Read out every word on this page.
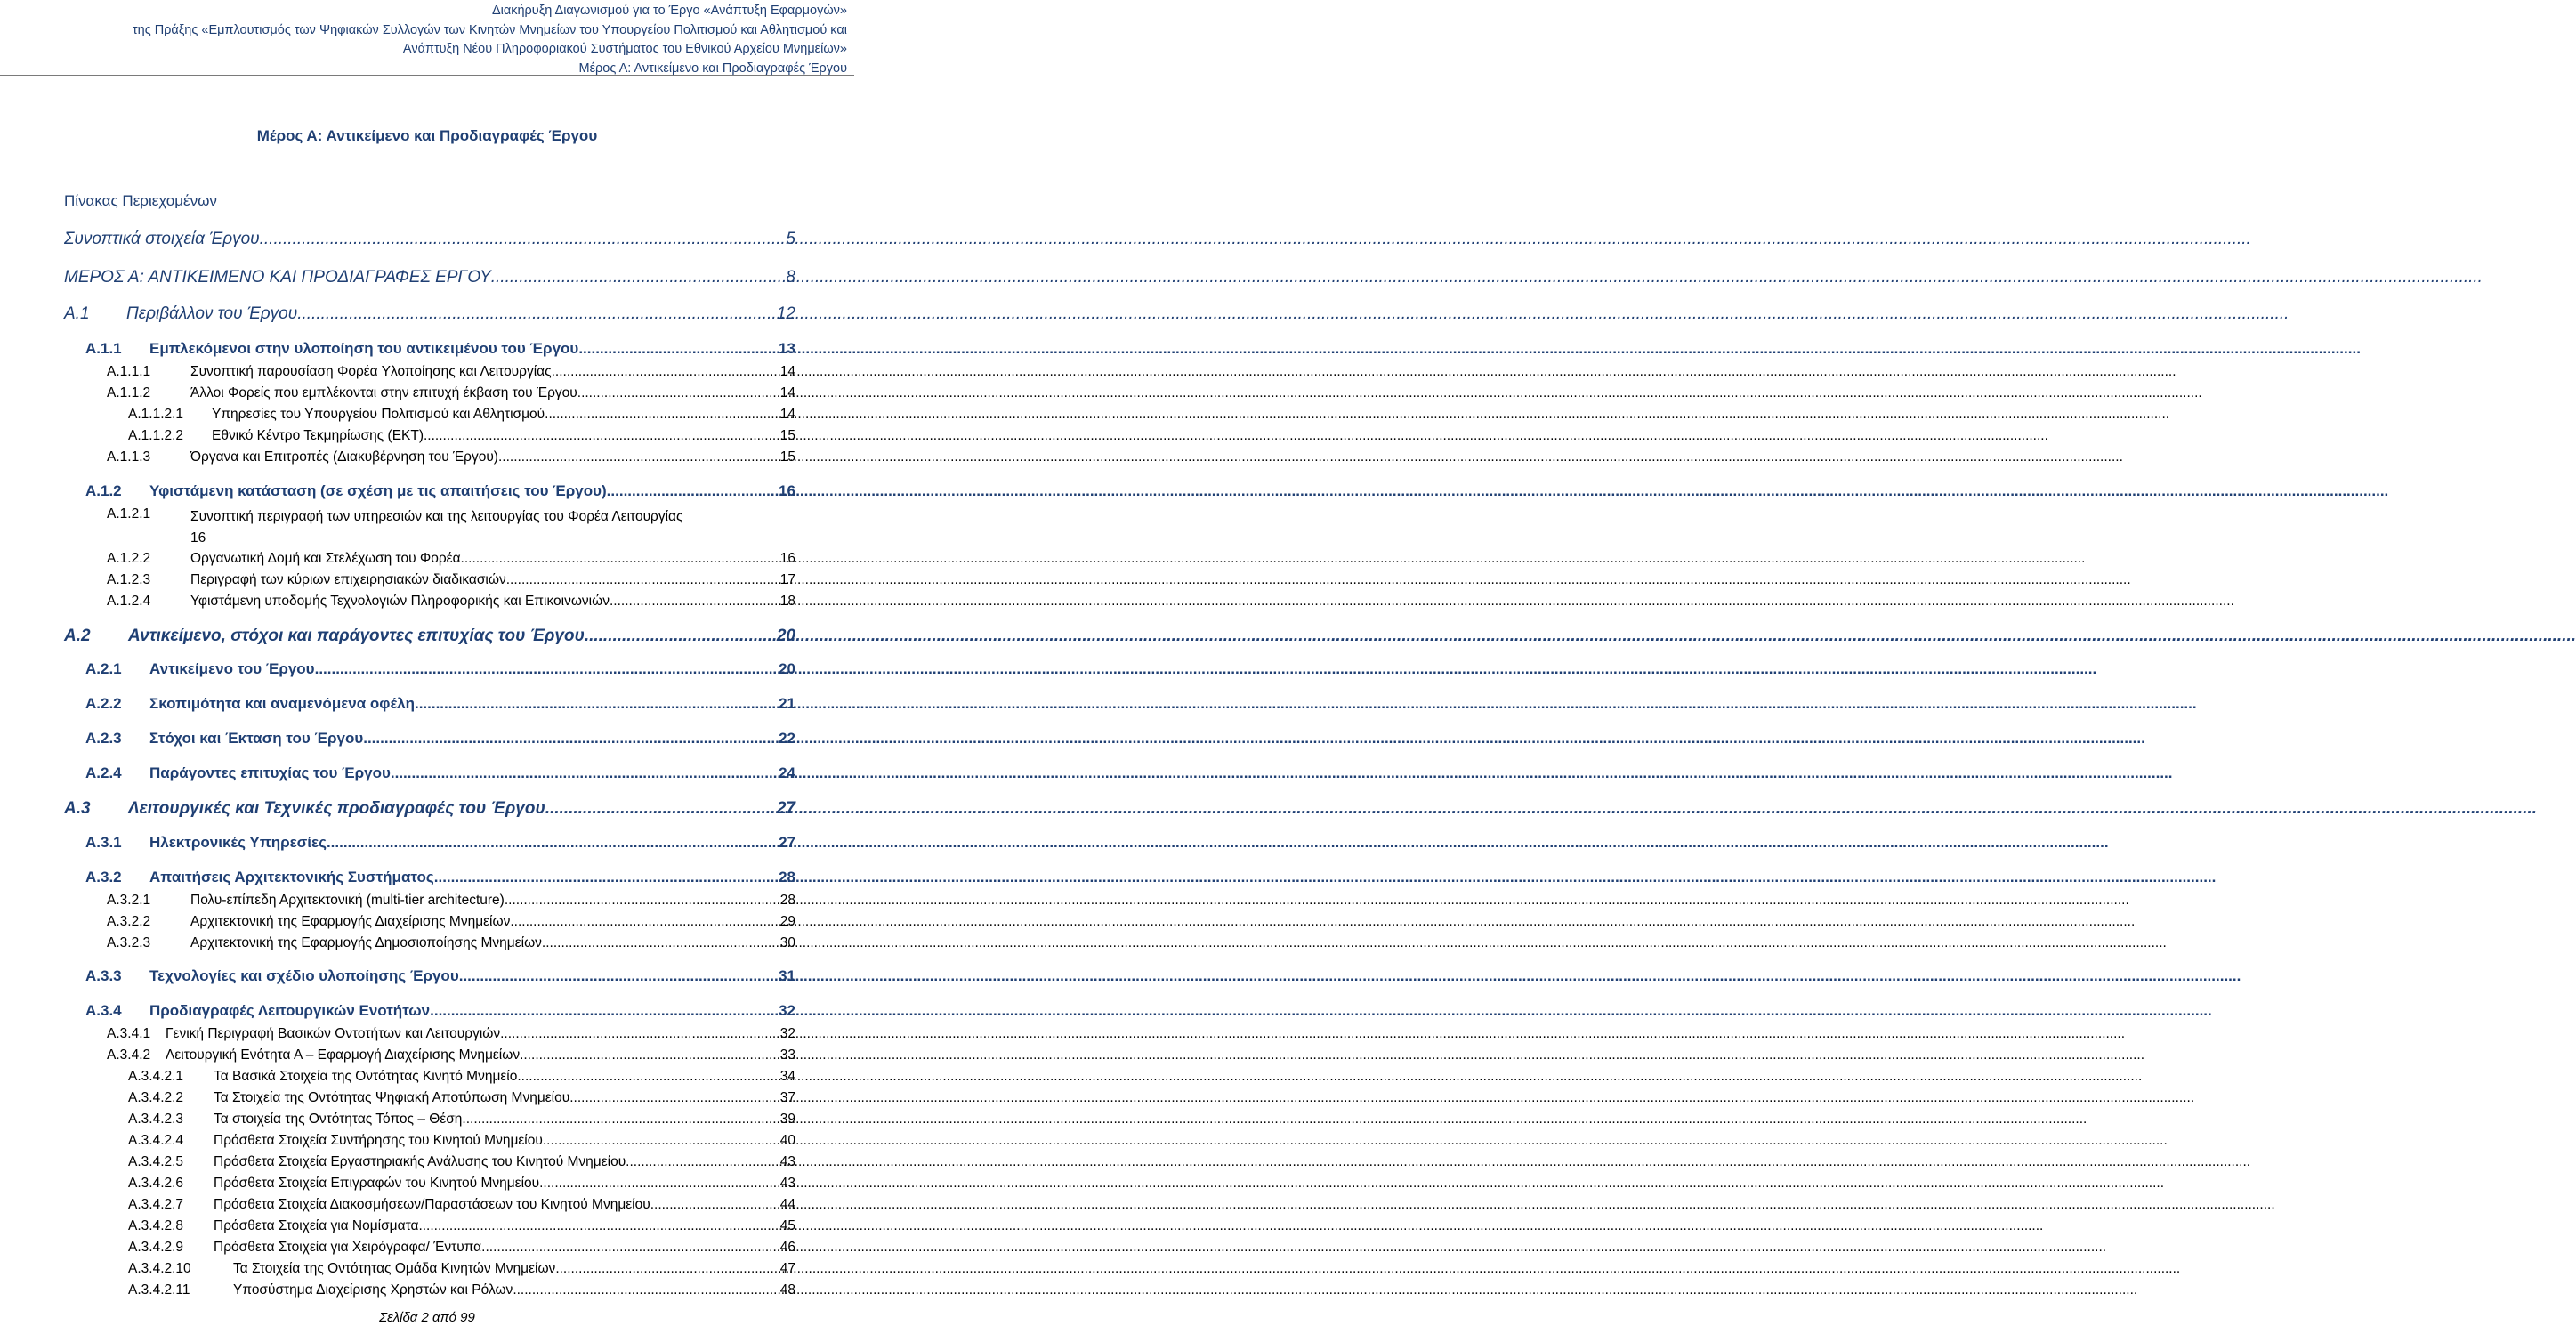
Διακήρυξη Διαγωνισμού για το Έργο «Ανάπτυξη Εφαρμογών»
της Πράξης «Εμπλουτισμός των Ψηφιακών Συλλογών των Κινητών Μνημείων του Υπουργείου Πολιτισμού και Αθλητισμού και
Ανάπτυξη Νέου Πληροφοριακού Συστήματος του Εθνικού Αρχείου Μνημείων»
Μέρος Α: Αντικείμενο και Προδιαγραφές Έργου
Μέρος Α: Αντικείμενο και Προδιαγραφές Έργου
Πίνακας Περιεχομένων
Συνοπτικά στοιχεία Έργου .....	5
ΜΕΡΟΣ Α: ΑΝΤΙΚΕΙΜΕΝΟ ΚΑΙ ΠΡΟΔΙΑΓΡΑΦΕΣ ΕΡΓΟΥ .....	8
Α.1	Περιβάλλον του Έργου .....	12
Α.1.1	Εμπλεκόμενοι στην υλοποίηση του αντικειμένου του Έργου .....	13
Α.1.1.1	Συνοπτική παρουσίαση Φορέα Υλοποίησης και Λειτουργίας .....	14
Α.1.1.2	Άλλοι Φορείς που εμπλέκονται στην επιτυχή έκβαση του Έργου .....	14
Α.1.1.2.1	Υπηρεσίες του Υπουργείου Πολιτισμού και Αθλητισμού .....	14
Α.1.1.2.2	Εθνικό Κέντρο Τεκμηρίωσης (ΕΚΤ) .....	15
Α.1.1.3	Όργανα και Επιτροπές (Διακυβέρνηση του Έργου) .....	15
Α.1.2	Υφιστάμενη κατάσταση (σε σχέση με τις απαιτήσεις του Έργου) .....	16
Α.1.2.1	Συνοπτική περιγραφή των υπηρεσιών και της λειτουργίας του Φορέα Λειτουργίας
16
Α.1.2.2	Οργανωτική Δομή και Στελέχωση του Φορέα .....	16
Α.1.2.3	Περιγραφή των κύριων επιχειρησιακών διαδικασιών .....	17
Α.1.2.4	Υφιστάμενη υποδομής Τεχνολογιών Πληροφορικής και Επικοινωνιών .....	18
Α.2	Αντικείμενο, στόχοι και παράγοντες επιτυχίας του Έργου .....	20
Α.2.1	Αντικείμενο του Έργου .....	20
Α.2.2	Σκοπιμότητα και αναμενόμενα οφέλη .....	21
Α.2.3	Στόχοι και Έκταση του Έργου .....	22
Α.2.4	Παράγοντες επιτυχίας του Έργου .....	24
Α.3	Λειτουργικές και Τεχνικές προδιαγραφές του Έργου .....	27
Α.3.1	Ηλεκτρονικές Υπηρεσίες .....	27
Α.3.2	Απαιτήσεις Αρχιτεκτονικής Συστήματος .....	28
Α.3.2.1	Πολυ-επίπεδη Αρχιτεκτονική (multi-tier architecture) .....	28
Α.3.2.2	Αρχιτεκτονική της Εφαρμογής Διαχείρισης Μνημείων .....	29
Α.3.2.3	Αρχιτεκτονική της Εφαρμογής Δημοσιοποίησης Μνημείων .....	30
Α.3.3	Τεχνολογίες και σχέδιο υλοποίησης Έργου .....	31
Α.3.4	Προδιαγραφές Λειτουργικών Ενοτήτων .....	32
Α.3.4.1	Γενική Περιγραφή Βασικών Οντοτήτων και Λειτουργιών .....	32
Α.3.4.2	Λειτουργική Ενότητα Α – Εφαρμογή Διαχείρισης Μνημείων .....	33
Α.3.4.2.1	Τα Βασικά Στοιχεία της Οντότητας Κινητό Μνημείο .....	34
Α.3.4.2.2	Τα Στοιχεία της Οντότητας Ψηφιακή Αποτύπωση Μνημείου .....	37
Α.3.4.2.3	Τα στοιχεία της Οντότητας Τόπος – Θέση .....	39
Α.3.4.2.4	Πρόσθετα Στοιχεία Συντήρησης του Κινητού Μνημείου .....	40
Α.3.4.2.5	Πρόσθετα Στοιχεία Εργαστηριακής Ανάλυσης του Κινητού Μνημείου .....	43
Α.3.4.2.6	Πρόσθετα Στοιχεία Επιγραφών του Κινητού Μνημείου .....	43
Α.3.4.2.7	Πρόσθετα Στοιχεία Διακοσμήσεων/Παραστάσεων του Κινητού Μνημείου .....	44
Α.3.4.2.8	Πρόσθετα Στοιχεία για Νομίσματα .....	45
Α.3.4.2.9	Πρόσθετα Στοιχεία για Χειρόγραφα/ Έντυπα .....	46
Α.3.4.2.10	Τα Στοιχεία της Οντότητας Ομάδα Κινητών Μνημείων .....	47
Α.3.4.2.11	Υποσύστημα Διαχείρισης Χρηστών και Ρόλων .....	48
Σελίδα 2 από 99
